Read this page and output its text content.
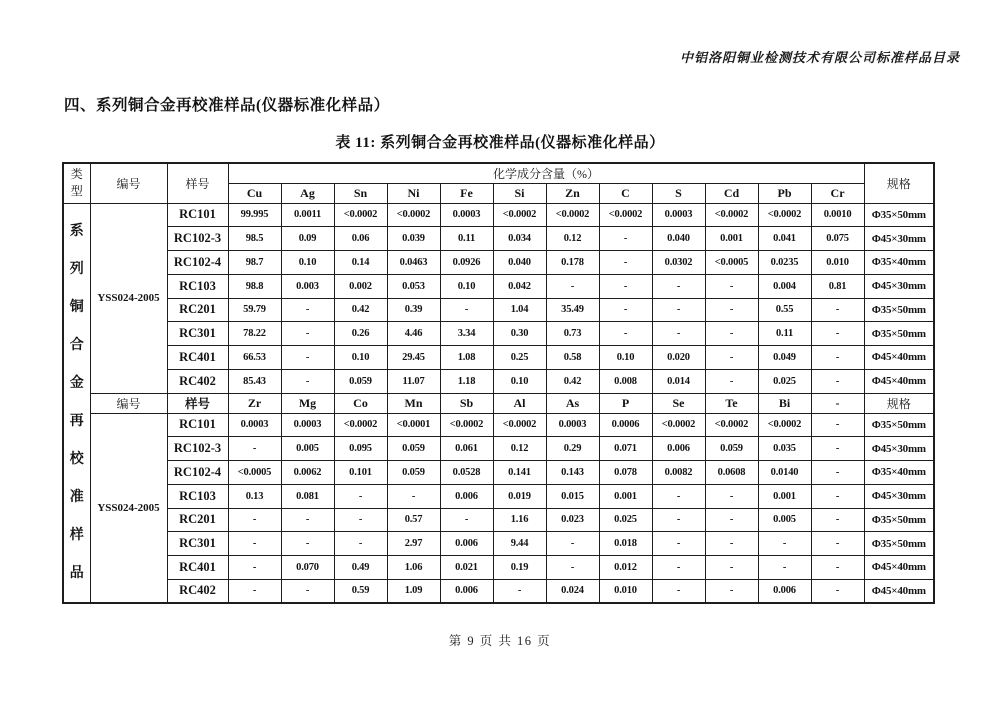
中铝洛阳铜业检测技术有限公司标准样品目录
四、系列铜合金再校准样品(仪器标准化样品）
表 11: 系列铜合金再校准样品(仪器标准化样品）
类型	编号	样号	化学成分含量（%）												规格
			Cu	Ag	Sn	Ni	Fe	Si	Zn	C	S	Cd	Pb	Cr	
系列铜合金再校准样品	YSS024-2005	RC101	99.995	0.0011	<0.0002	<0.0002	0.0003	<0.0002	<0.0002	<0.0002	0.0003	<0.0002	<0.0002	0.0010	Φ35×50mm
		RC102-3	98.5	0.09	0.06	0.039	0.11	0.034	0.12	-	0.040	0.001	0.041	0.075	Φ45×30mm
		RC102-4	98.7	0.10	0.14	0.0463	0.0926	0.040	0.178	-	0.0302	<0.0005	0.0235	0.010	Φ35×40mm
		RC103	98.8	0.003	0.002	0.053	0.10	0.042	-	-	-	-	0.004	0.81	Φ45×30mm
		RC201	59.79	-	0.42	0.39	-	1.04	35.49	-	-	-	0.55	-	Φ35×50mm
		RC301	78.22	-	0.26	4.46	3.34	0.30	0.73	-	-	-	0.11	-	Φ35×50mm
		RC401	66.53	-	0.10	29.45	1.08	0.25	0.58	0.10	0.020	-	0.049	-	Φ45×40mm
		RC402	85.43	-	0.059	11.07	1.18	0.10	0.42	0.008	0.014	-	0.025	-	Φ45×40mm
	编号	样号	Zr	Mg	Co	Mn	Sb	Al	As	P	Se	Te	Bi	-	规格
	YSS024-2005	RC101	0.0003	0.0003	<0.0002	<0.0001	<0.0002	<0.0002	0.0003	0.0006	<0.0002	<0.0002	<0.0002	-	Φ35×50mm
		RC102-3	-	0.005	0.095	0.059	0.061	0.12	0.29	0.071	0.006	0.059	0.035	-	Φ45×30mm
		RC102-4	<0.0005	0.0062	0.101	0.059	0.0528	0.141	0.143	0.078	0.0082	0.0608	0.0140	-	Φ35×40mm
		RC103	0.13	0.081	-	-	0.006	0.019	0.015	0.001	-	-	0.001	-	Φ45×30mm
		RC201	-	-	-	0.57	-	1.16	0.023	0.025	-	-	0.005	-	Φ35×50mm
		RC301	-	-	-	2.97	0.006	9.44	-	0.018	-	-	-	-	Φ35×50mm
		RC401	-	0.070	0.49	1.06	0.021	0.19	-	0.012	-	-	-	-	Φ45×40mm
		RC402	-	-	0.59	1.09	0.006	-	0.024	0.010	-	-	0.006	-	Φ45×40mm
第 9 页 共 16 页
